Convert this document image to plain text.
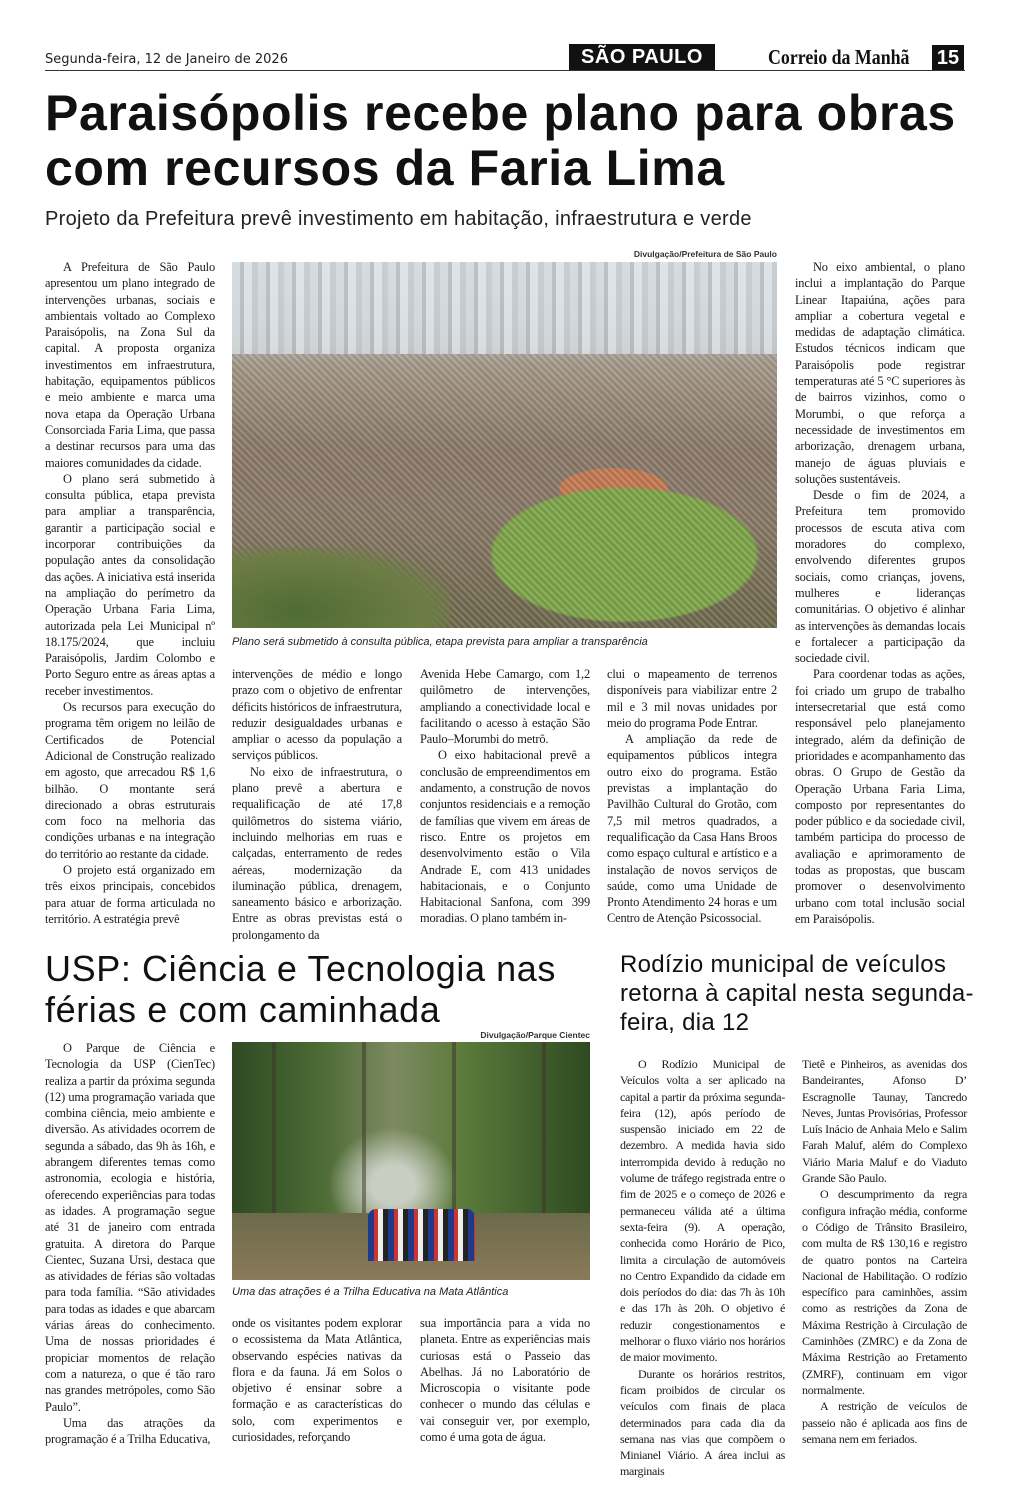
Segunda-feira, 12 de Janeiro de 2026	SÃO PAULO	Correio da Manhã 15
Paraisópolis recebe plano para obras com recursos da Faria Lima
Projeto da Prefeitura prevê investimento em habitação, infraestrutura e verde
Divulgação/Prefeitura de São Paulo
Plano será submetido à consulta pública, etapa prevista para ampliar a transparência

A Prefeitura de São Paulo apresentou um plano integrado de intervenções urbanas, sociais e ambientais voltado ao Complexo Paraisópolis, na Zona Sul da capital. A proposta organiza investimentos em infraestrutura, habitação, equipamentos públicos e meio ambiente e marca uma nova etapa da Operação Urbana Consorciada Faria Lima, que passa a destinar recursos para uma das maiores comunidades da cidade.

O plano será submetido à consulta pública, etapa prevista para ampliar a transparência, garantir a participação social e incorporar contribuições da população antes da consolidação das ações. A iniciativa está inserida na ampliação do perímetro da Operação Urbana Faria Lima, autorizada pela Lei Municipal nº 18.175/2024, que incluiu Paraisópolis, Jardim Colombo e Porto Seguro entre as áreas aptas a receber investimentos.

Os recursos para execução do programa têm origem no leilão de Certificados de Potencial Adicional de Construção realizado em agosto, que arrecadou R$ 1,6 bilhão. O montante será direcionado a obras estruturais com foco na melhoria das condições urbanas e na integração do território ao restante da cidade.

O projeto está organizado em três eixos principais, concebidos para atuar de forma articulada no território. A estratégia prevê

intervenções de médio e longo prazo com o objetivo de enfrentar déficits históricos de infraestrutura, reduzir desigualdades urbanas e ampliar o acesso da população a serviços públicos.

No eixo de infraestrutura, o plano prevê a abertura e requalificação de até 17,8 quilômetros do sistema viário, incluindo melhorias em ruas e calçadas, enterramento de redes aéreas, modernização da iluminação pública, drenagem, saneamento básico e arborização. Entre as obras previstas está o prolongamento da

Avenida Hebe Camargo, com 1,2 quilômetro de intervenções, ampliando a conectividade local e facilitando o acesso à estação São Paulo–Morumbi do metrô.

O eixo habitacional prevê a conclusão de empreendimentos em andamento, a construção de novos conjuntos residenciais e a remoção de famílias que vivem em áreas de risco. Entre os projetos em desenvolvimento estão o Vila Andrade E, com 413 unidades habitacionais, e o Conjunto Habitacional Sanfona, com 399 moradias. O plano também in-

clui o mapeamento de terrenos disponíveis para viabilizar entre 2 mil e 3 mil novas unidades por meio do programa Pode Entrar.

A ampliação da rede de equipamentos públicos integra outro eixo do programa. Estão previstas a implantação do Pavilhão Cultural do Grotão, com 7,5 mil metros quadrados, a requalificação da Casa Hans Broos como espaço cultural e artístico e a instalação de novos serviços de saúde, como uma Unidade de Pronto Atendimento 24 horas e um Centro de Atenção Psicossocial.

No eixo ambiental, o plano inclui a implantação do Parque Linear Itapaiúna, ações para ampliar a cobertura vegetal e medidas de adaptação climática. Estudos técnicos indicam que Paraisópolis pode registrar temperaturas até 5 °C superiores às de bairros vizinhos, como o Morumbi, o que reforça a necessidade de investimentos em arborização, drenagem urbana, manejo de águas pluviais e soluções sustentáveis.

Desde o fim de 2024, a Prefeitura tem promovido processos de escuta ativa com moradores do complexo, envolvendo diferentes grupos sociais, como crianças, jovens, mulheres e lideranças comunitárias. O objetivo é alinhar as intervenções às demandas locais e fortalecer a participação da sociedade civil.

Para coordenar todas as ações, foi criado um grupo de trabalho intersecretarial que está como responsável pelo planejamento integrado, além da definição de prioridades e acompanhamento das obras. O Grupo de Gestão da Operação Urbana Faria Lima, composto por representantes do poder público e da sociedade civil, também participa do processo de avaliação e aprimoramento de todas as propostas, que buscam promover o desenvolvimento urbano com total inclusão social em Paraisópolis.

USP: Ciência e Tecnologia nas férias e com caminhada
Divulgação/Parque Cientec
Uma das atrações é a Trilha Educativa na Mata Atlântica

O Parque de Ciência e Tecnologia da USP (CienTec) realiza a partir da próxima segunda (12) uma programação variada que combina ciência, meio ambiente e diversão. As atividades ocorrem de segunda a sábado, das 9h às 16h, e abrangem diferentes temas como astronomia, ecologia e história, oferecendo experiências para todas as idades. A programação segue até 31 de janeiro com entrada gratuita. A diretora do Parque Cientec, Suzana Ursi, destaca que as atividades de férias são voltadas para toda família. “São atividades para todas as idades e que abarcam várias áreas do conhecimento. Uma de nossas prioridades é propiciar momentos de relação com a natureza, o que é tão raro nas grandes metrópoles, como São Paulo”.

Uma das atrações da programação é a Trilha Educativa,

onde os visitantes podem explorar o ecossistema da Mata Atlântica, observando espécies nativas da flora e da fauna. Já em Solos o objetivo é ensinar sobre a formação e as características do solo, com experimentos e curiosidades, reforçando

sua importância para a vida no planeta. Entre as experiências mais curiosas está o Passeio das Abelhas. Já no Laboratório de Microscopia o visitante pode conhecer o mundo das células e vai conseguir ver, por exemplo, como é uma gota de água.

Rodízio municipal de veículos retorna à capital nesta segunda-feira, dia 12

O Rodízio Municipal de Veículos volta a ser aplicado na capital a partir da próxima segunda-feira (12), após período de suspensão iniciado em 22 de dezembro. A medida havia sido interrompida devido à redução no volume de tráfego registrada entre o fim de 2025 e o começo de 2026 e permaneceu válida até a última sexta-feira (9). A operação, conhecida como Horário de Pico, limita a circulação de automóveis no Centro Expandido da cidade em dois períodos do dia: das 7h às 10h e das 17h às 20h. O objetivo é reduzir congestionamentos e melhorar o fluxo viário nos horários de maior movimento.

Durante os horários restritos, ficam proibidos de circular os veículos com finais de placa determinados para cada dia da semana nas vias que compõem o Minianel Viário. A área inclui as marginais

Tietê e Pinheiros, as avenidas dos Bandeirantes, Afonso D’ Escragnolle Taunay, Tancredo Neves, Juntas Provisórias, Professor Luís Inácio de Anhaia Melo e Salim Farah Maluf, além do Complexo Viário Maria Maluf e do Viaduto Grande São Paulo.

O descumprimento da regra configura infração média, conforme o Código de Trânsito Brasileiro, com multa de R$ 130,16 e registro de quatro pontos na Carteira Nacional de Habilitação. O rodízio específico para caminhões, assim como as restrições da Zona de Máxima Restrição à Circulação de Caminhões (ZMRC) e da Zona de Máxima Restrição ao Fretamento (ZMRF), continuam em vigor normalmente.

A restrição de veículos de passeio não é aplicada aos fins de semana nem em feriados.
